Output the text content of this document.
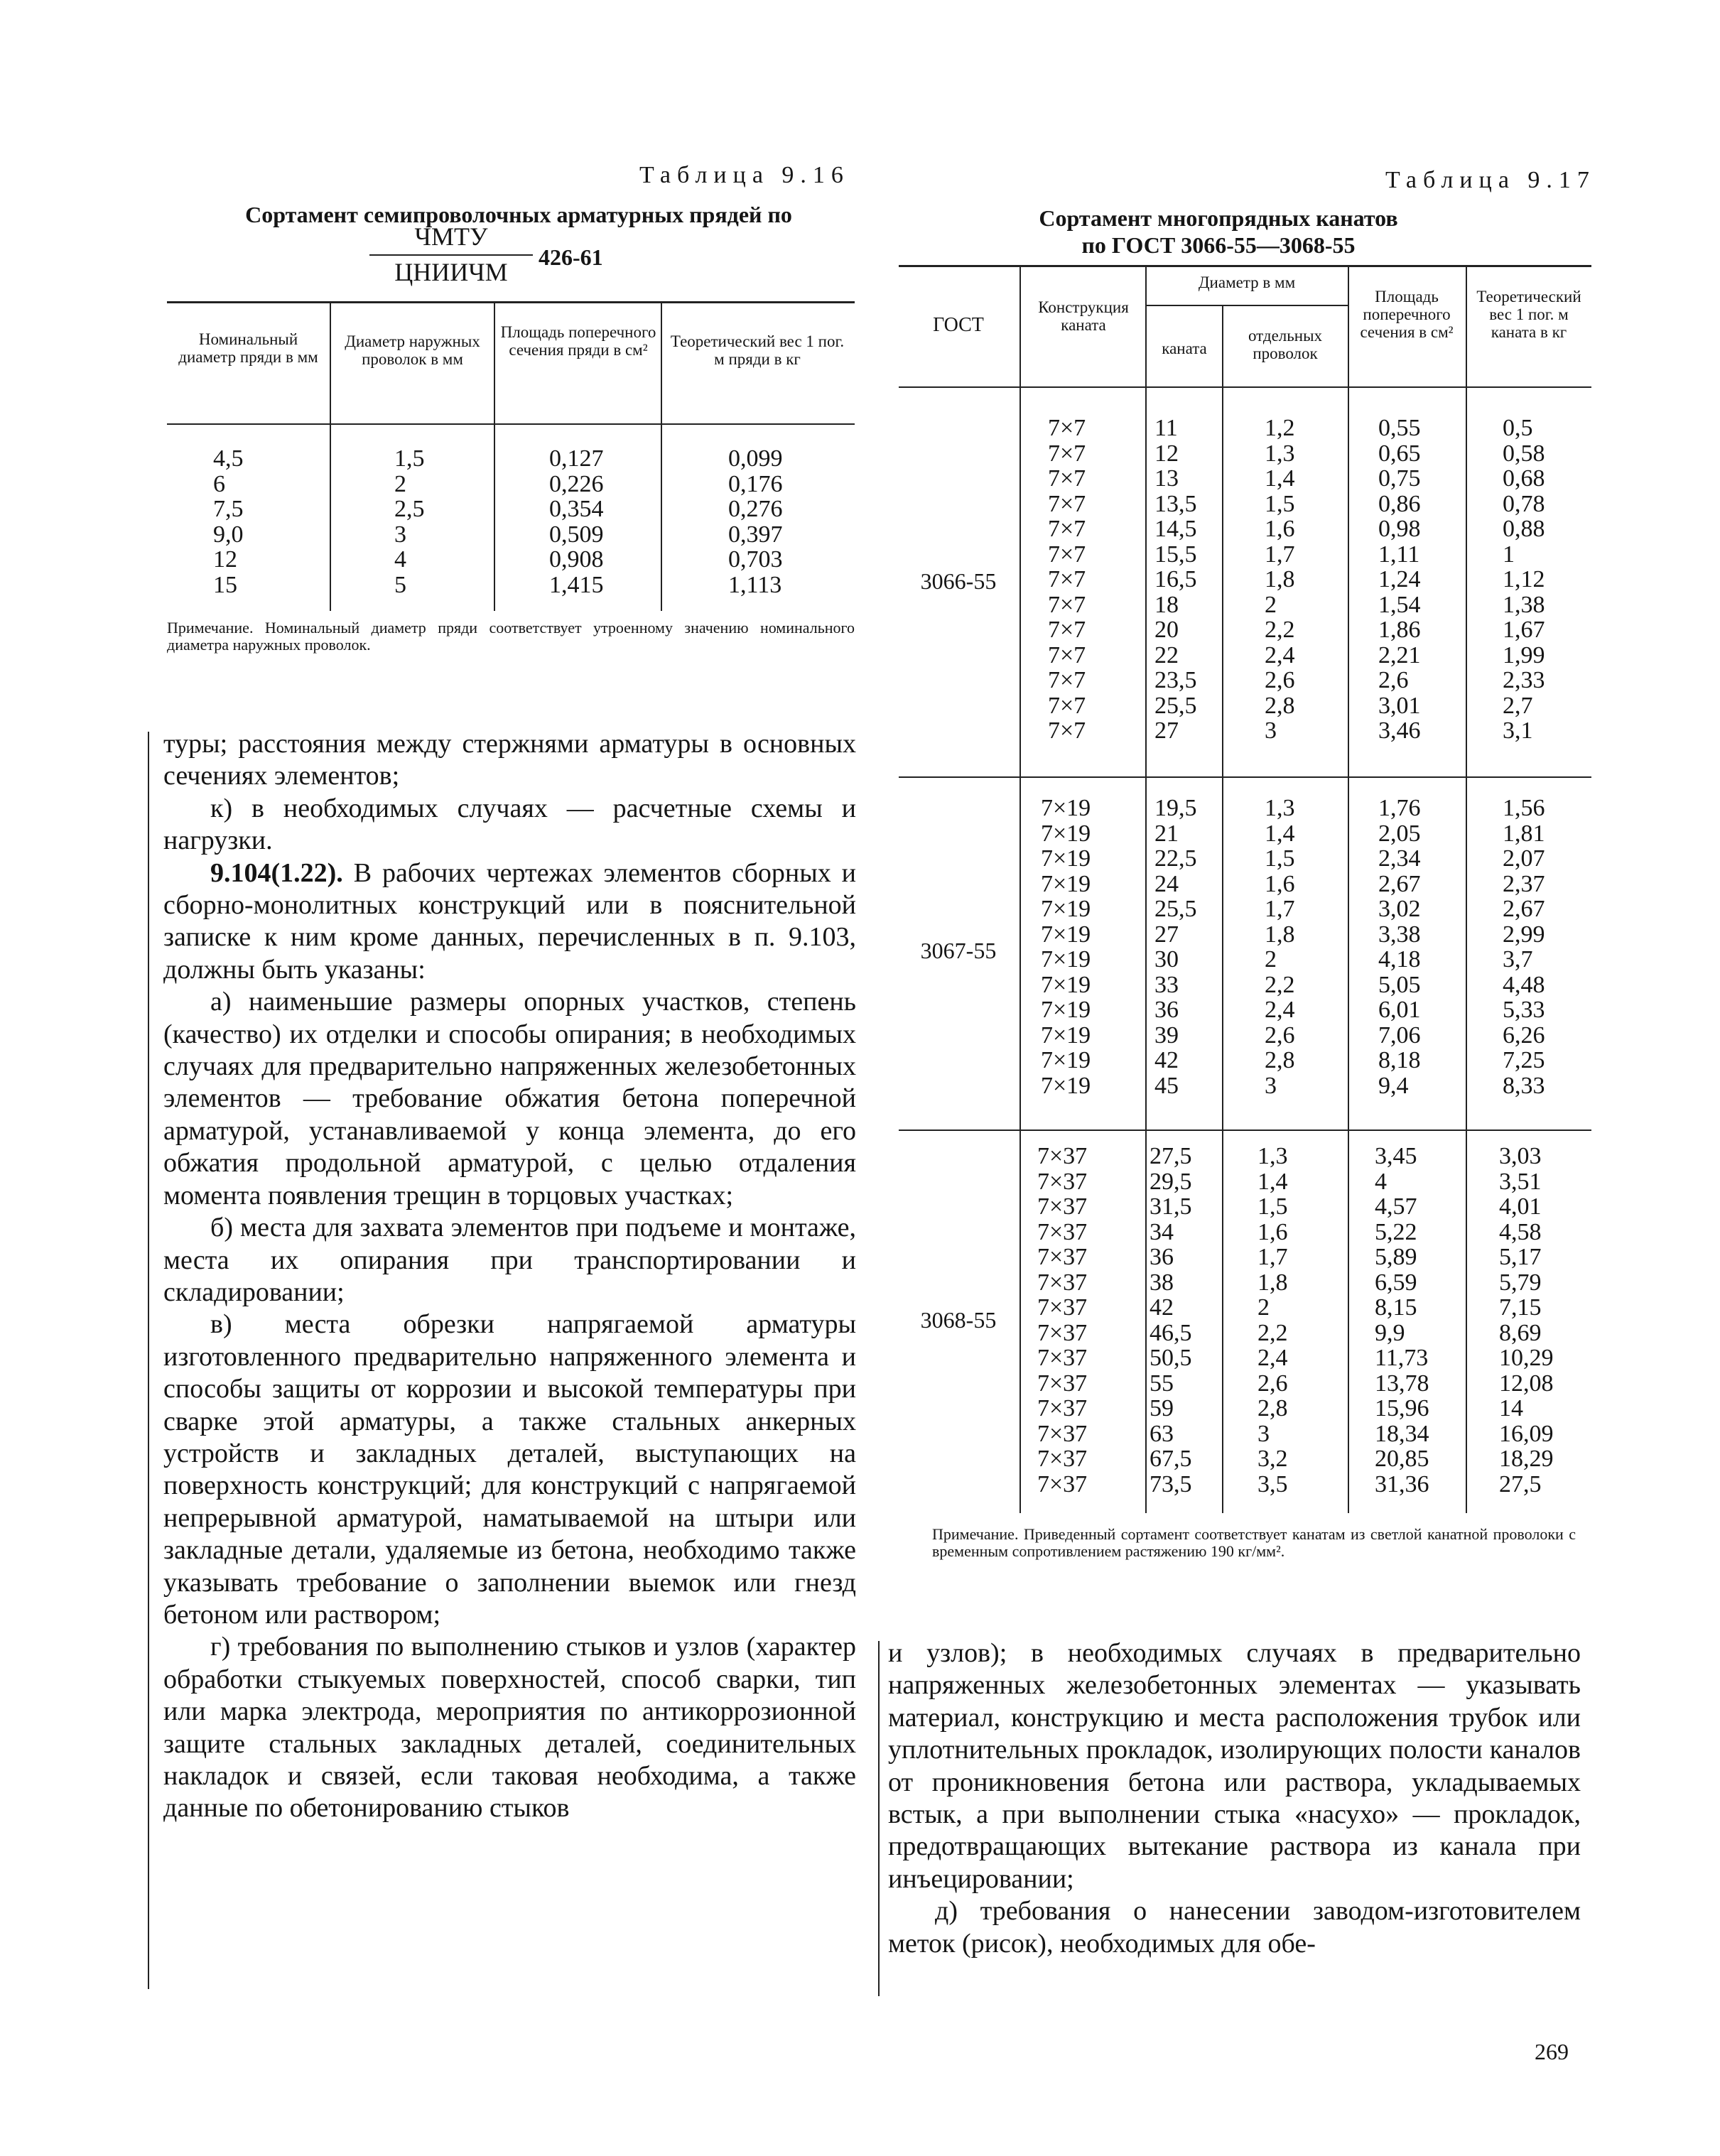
Таблица 9.16
Сортамент семипроволочных арматурных прядей по
ЧМТУ
ЦНИИЧМ
426-61
Номинальный диаметр пряди в мм
Диаметр наружных проволок в мм
Площадь поперечного сечения пряди в см²	Теоретический вес 1 пог. м пряди в кг
4,5
6
7,5
9,0
12
15
1,5
2
2,5
3
4
5
0,127
0,226
0,354
0,509
0,908
1,415
0,099
0,176
0,276
0,397
0,703
1,113
Примечание. Номинальный диаметр пряди соответствует утроенному значению номинального диаметра наружных проволок.
Таблица 9.17
Сортамент многопрядных канатов
по ГОСТ 3066-55—3068-55
ГОСТ
Конструкция каната
Диаметр в мм
каната
отдельных проволок
Площадь поперечного сечения в см²
Теоретический вес 1 пог. м каната в кг
3066-55
7×7
7×7
7×7
7×7
7×7
7×7
7×7
7×7
7×7
7×7
7×7
7×7
7×7
11
12
13
13,5
14,5
15,5
16,5
18
20
22
23,5
25,5
27
1,2
1,3
1,4
1,5
1,6
1,7
1,8
2
2,2
2,4
2,6
2,8
3
0,55
0,65
0,75
0,86
0,98
1,11
1,24
1,54
1,86
2,21
2,6
3,01
3,46
0,5
0,58
0,68
0,78
0,88
1
1,12
1,38
1,67
1,99
2,33
2,7
3,1
3067-55
7×19
7×19
7×19
7×19
7×19
7×19
7×19
7×19
7×19
7×19
7×19
7×19
19,5
21
22,5
24
25,5
27
30
33
36
39
42
45
1,3
1,4
1,5
1,6
1,7
1,8
2
2,2
2,4
2,6
2,8
3
1,76
2,05
2,34
2,67
3,02
3,38
4,18
5,05
6,01
7,06
8,18
9,4
1,56
1,81
2,07
2,37
2,67
2,99
3,7
4,48
5,33
6,26
7,25
8,33
3068-55
7×37
7×37
7×37
7×37
7×37
7×37
7×37
7×37
7×37
7×37
7×37
7×37
7×37
7×37
27,5
29,5
31,5
34
36
38
42
46,5
50,5
55
59
63
67,5
73,5
1,3
1,4
1,5
1,6
1,7
1,8
2
2,2
2,4
2,6
2,8
3
3,2
3,5
3,45
4
4,57
5,22
5,89
6,59
8,15
9,9
11,73
13,78
15,96
18,34
20,85
31,36
3,03
3,51
4,01
4,58
5,17
5,79
7,15
8,69
10,29
12,08
14
16,09
18,29
27,5
Примечание. Приведенный сортамент соответствует канатам из светлой канатной проволоки с временным сопротивлением растяжению 190 кг/мм².

туры; расстояния между стержнями арматуры в основных сечениях элементов;

к) в необходимых случаях — расчетные схемы и нагрузки.

9.104(1.22). В рабочих чертежах элементов сборных и сборно-монолитных конструкций или в пояснительной записке к ним кроме данных, перечисленных в п. 9.103, должны быть указаны:

а) наименьшие размеры опорных участков, степень (качество) их отделки и способы опирания; в необходимых случаях для предварительно напряженных железобетонных элементов — требование обжатия бетона поперечной арматурой, устанавливаемой у конца элемента, до его обжатия продольной арматурой, с целью отдаления момента появления трещин в торцовых участках;

б) места для захвата элементов при подъеме и монтаже, места их опирания при транспортировании и складировании;

в) места обрезки напрягаемой арматуры изготовленного предварительно напряженного элемента и способы защиты от коррозии и высокой температуры при сварке этой арматуры, а также стальных анкерных устройств и закладных деталей, выступающих на поверхность конструкций; для конструкций с напрягаемой непрерывной арматурой, наматываемой на штыри или закладные детали, удаляемые из бетона, необходимо также указывать требование о заполнении выемок или гнезд бетоном или раствором;

г) требования по выполнению стыков и узлов (характер обработки стыкуемых поверхностей, способ сварки, тип или марка электрода, мероприятия по антикоррозионной защите стальных закладных деталей, соединительных накладок и связей, если таковая необходима, а также данные по обетонированию стыков

и узлов); в необходимых случаях в предварительно напряженных железобетонных элементах — указывать материал, конструкцию и места расположения трубок или уплотнительных прокладок, изолирующих полости каналов от проникновения бетона или раствора, укладываемых встык, а при выполнении стыка «насухо» — прокладок, предотвращающих вытекание раствора из канала при инъецировании;

д) требования о нанесении заводом-изготовителем меток (рисок), необходимых для обе-

269
